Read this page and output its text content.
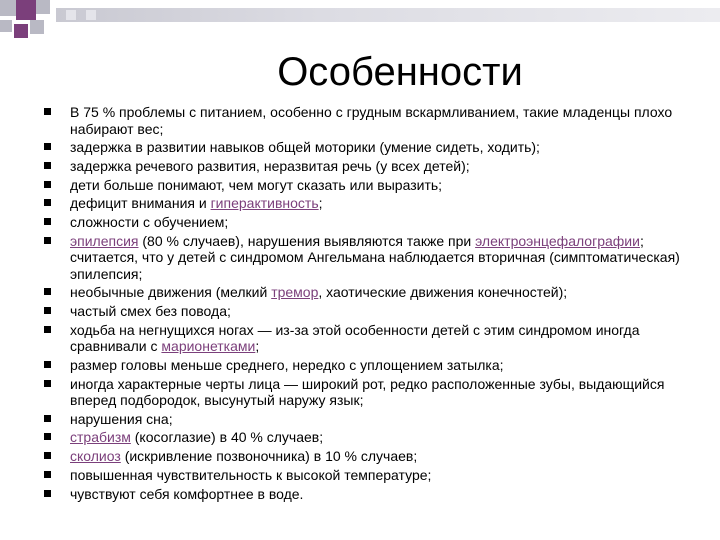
Особенности
В 75 % проблемы с питанием, особенно с грудным вскармливанием, такие младенцы плохо набирают вес;
задержка в развитии навыков общей моторики (умение сидеть, ходить);
задержка речевого развития, неразвитая речь (у всех детей);
дети больше понимают, чем могут сказать или выразить;
дефицит внимания и гиперактивность;
сложности с обучением;
эпилепсия (80 % случаев), нарушения выявляются также при электроэнцефалографии; считается, что у детей с синдромом Ангельмана наблюдается вторичная (симптоматическая) эпилепсия;
необычные движения (мелкий тремор, хаотические движения конечностей);
частый смех без повода;
ходьба на негнущихся ногах — из-за этой особенности детей с этим синдромом иногда сравнивали с марионетками;
размер головы меньше среднего, нередко с уплощением затылка;
иногда характерные черты лица — широкий рот, редко расположенные зубы, выдающийся вперед подбородок, высунутый наружу язык;
нарушения сна;
страбизм (косоглазие) в 40 % случаев;
сколиоз (искривление позвоночника) в 10 % случаев;
повышенная чувствительность к высокой температуре;
чувствуют себя комфортнее в воде.
